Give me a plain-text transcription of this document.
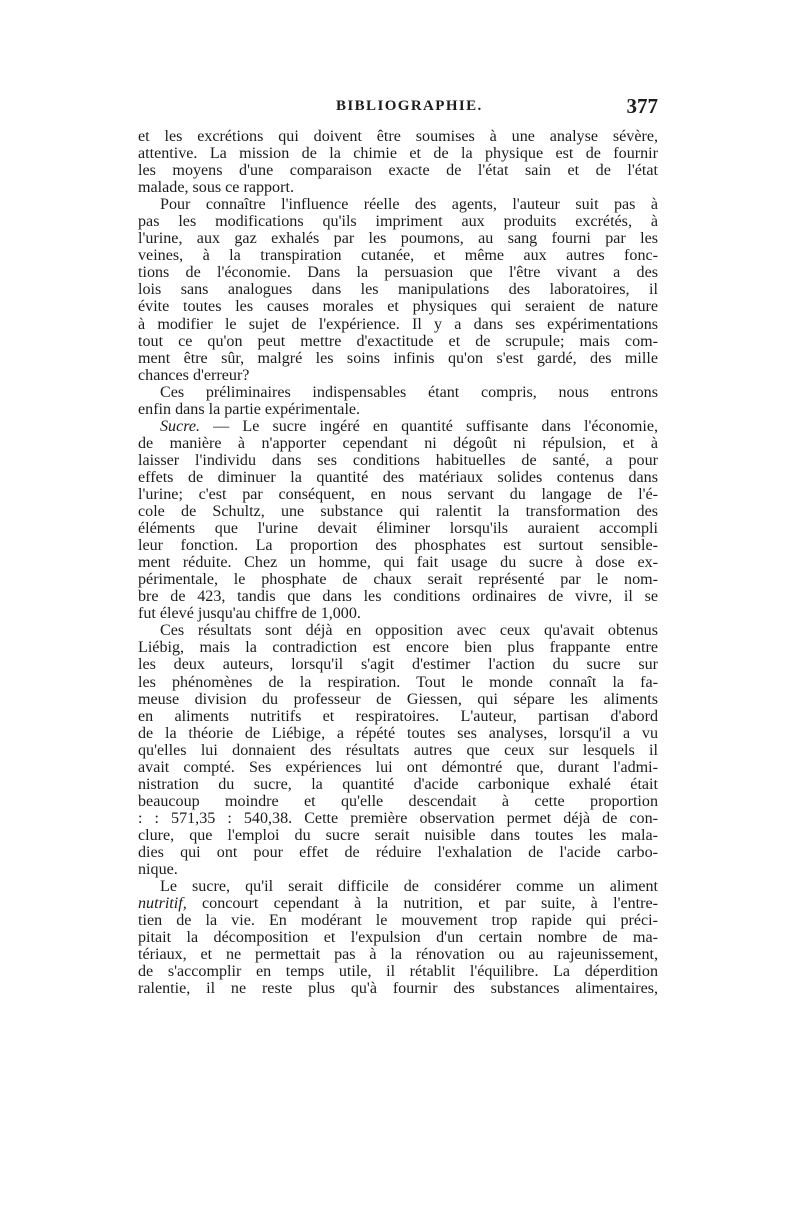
BIBLIOGRAPHIE.	377
et les excrétions qui doivent être soumises à une analyse sévère,
attentive. La mission de la chimie et de la physique est de fournir
les moyens d'une comparaison exacte de l'état sain et de l'état
malade, sous ce rapport.
Pour connaître l'influence réelle des agents, l'auteur suit pas à
pas les modifications qu'ils impriment aux produits excrétés, à
l'urine, aux gaz exhalés par les poumons, au sang fourni par les
veines, à la transpiration cutanée, et même aux autres fonc-
tions de l'économie. Dans la persuasion que l'être vivant a des
lois sans analogues dans les manipulations des laboratoires, il
évite toutes les causes morales et physiques qui seraient de nature
à modifier le sujet de l'expérience. Il y a dans ses expérimentations
tout ce qu'on peut mettre d'exactitude et de scrupule; mais com-
ment être sûr, malgré les soins infinis qu'on s'est gardé, des mille
chances d'erreur?
Ces préliminaires indispensables étant compris, nous entrons
enfin dans la partie expérimentale.
Sucre. — Le sucre ingéré en quantité suffisante dans l'économie,
de manière à n'apporter cependant ni dégoût ni répulsion, et à
laisser l'individu dans ses conditions habituelles de santé, a pour
effets de diminuer la quantité des matériaux solides contenus dans
l'urine; c'est par conséquent, en nous servant du langage de l'é-
cole de Schultz, une substance qui ralentit la transformation des
éléments que l'urine devait éliminer lorsqu'ils auraient accompli
leur fonction. La proportion des phosphates est surtout sensible-
ment réduite. Chez un homme, qui fait usage du sucre à dose ex-
périmentale, le phosphate de chaux serait représenté par le nom-
bre de 423, tandis que dans les conditions ordinaires de vivre, il se
fut élevé jusqu'au chiffre de 1,000.
Ces résultats sont déjà en opposition avec ceux qu'avait obtenus
Liébig, mais la contradiction est encore bien plus frappante entre
les deux auteurs, lorsqu'il s'agit d'estimer l'action du sucre sur
les phénomènes de la respiration. Tout le monde connaît la fa-
meuse division du professeur de Giessen, qui sépare les aliments
en aliments nutritifs et respiratoires. L'auteur, partisan d'abord
de la théorie de Liébige, a répété toutes ses analyses, lorsqu'il a vu
qu'elles lui donnaient des résultats autres que ceux sur lesquels il
avait compté. Ses expériences lui ont démontré que, durant l'admi-
nistration du sucre, la quantité d'acide carbonique exhalé était
beaucoup moindre et qu'elle descendait à cette proportion
: : 571,35 : 540,38. Cette première observation permet déjà de con-
clure, que l'emploi du sucre serait nuisible dans toutes les mala-
dies qui ont pour effet de réduire l'exhalation de l'acide carbo-
nique.
Le sucre, qu'il serait difficile de considérer comme un aliment
nutritif, concourt cependant à la nutrition, et par suite, à l'entre-
tien de la vie. En modérant le mouvement trop rapide qui préci-
pitait la décomposition et l'expulsion d'un certain nombre de ma-
tériaux, et ne permettait pas à la rénovation ou au rajeunissement,
de s'accomplir en temps utile, il rétablit l'équilibre. La déperdition
ralentie, il ne reste plus qu'à fournir des substances alimentaires,
